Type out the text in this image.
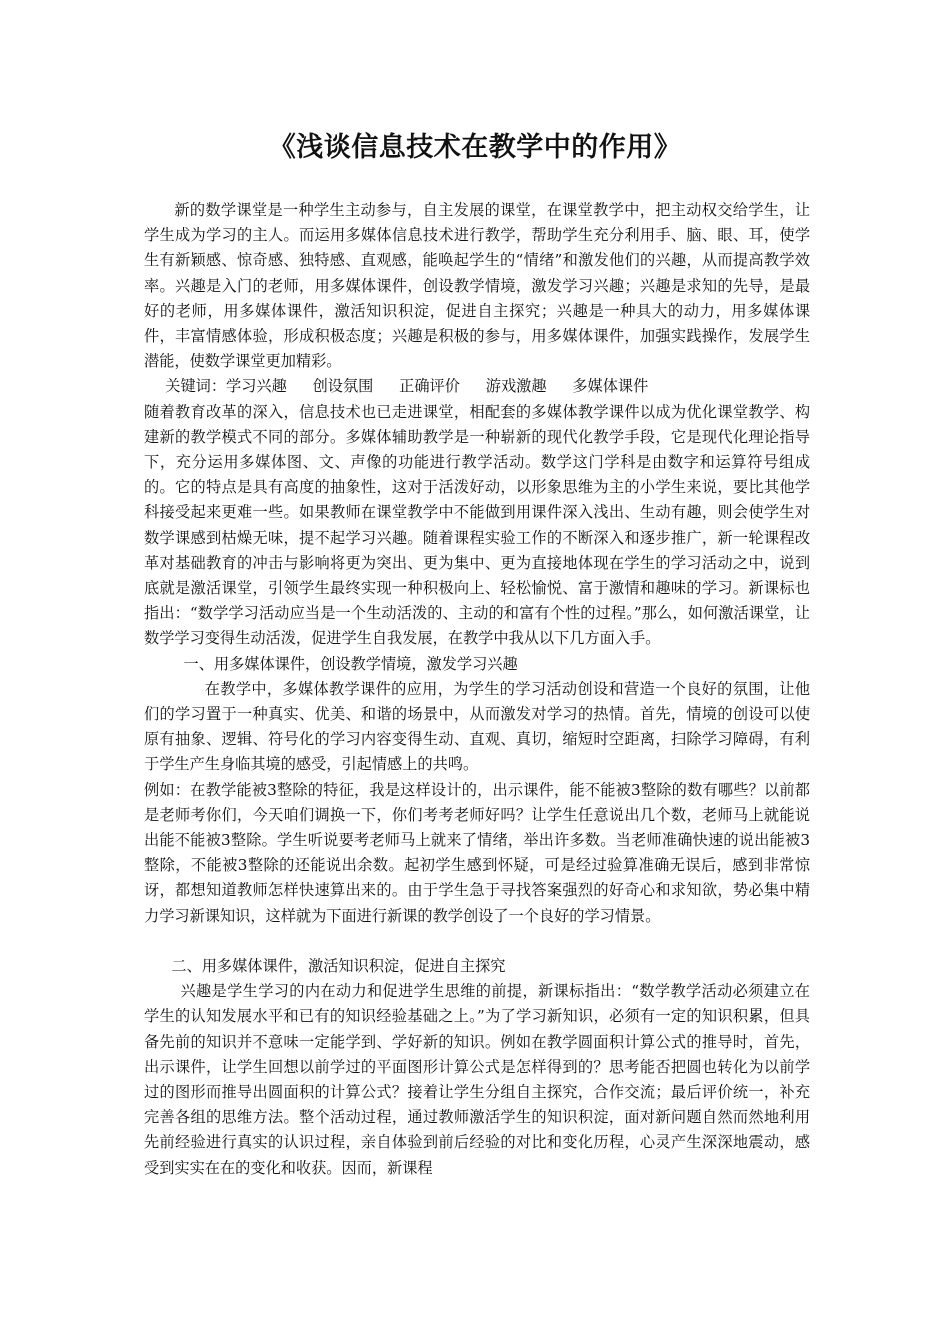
《浅谈信息技术在教学中的作用》

新的数学课堂是一种学生主动参与，自主发展的课堂，在课堂教学中，把主动权交给学生，让学生成为学习的主人。而运用多媒体信息技术进行教学，帮助学生充分利用手、脑、眼、耳，使学生有新颖感、惊奇感、独特感、直观感，能唤起学生的“情绪”和激发他们的兴趣，从而提高教学效率。兴趣是入门的老师，用多媒体课件，创设教学情境，激发学习兴趣；兴趣是求知的先导，是最好的老师，用多媒体课件，激活知识积淀，促进自主探究；兴趣是一种具大的动力，用多媒体课件，丰富情感体验，形成积极态度；兴趣是积极的参与，用多媒体课件，加强实践操作，发展学生潜能，使数学课堂更加精彩。

关键词：学习兴趣 创设氛围 正确评价 游戏激趣 多媒体课件

随着教育改革的深入，信息技术也已走进课堂，相配套的多媒体教学课件以成为优化课堂教学、构建新的教学模式不同的部分。多媒体辅助教学是一种崭新的现代化教学手段，它是现代化理论指导下，充分运用多媒体图、文、声像的功能进行教学活动。数学这门学科是由数字和运算符号组成的。它的特点是具有高度的抽象性，这对于活泼好动，以形象思维为主的小学生来说，要比其他学科接受起来更难一些。如果教师在课堂教学中不能做到用课件深入浅出、生动有趣，则会使学生对数学课感到枯燥无味，提不起学习兴趣。随着课程实验工作的不断深入和逐步推广，新一轮课程改革对基础教育的冲击与影响将更为突出、更为集中、更为直接地体现在学生的学习活动之中，说到底就是激活课堂，引领学生最终实现一种积极向上、轻松愉悦、富于激情和趣味的学习。新课标也指出：“数学学习活动应当是一个生动活泼的、主动的和富有个性的过程。”那么，如何激活课堂，让数学学习变得生动活泼，促进学生自我发展，在教学中我从以下几方面入手。

一、用多媒体课件，创设教学情境，激发学习兴趣

在教学中，多媒体教学课件的应用，为学生的学习活动创设和营造一个良好的氛围，让他们的学习置于一种真实、优美、和谐的场景中，从而激发对学习的热情。首先，情境的创设可以使原有抽象、逻辑、符号化的学习内容变得生动、直观、真切，缩短时空距离，扫除学习障碍，有利于学生产生身临其境的感受，引起情感上的共鸣。

例如：在教学能被3整除的特征，我是这样设计的，出示课件，能不能被3整除的数有哪些？以前都是老师考你们，今天咱们调换一下，你们考考老师好吗？让学生任意说出几个数，老师马上就能说出能不能被3整除。学生听说要考老师马上就来了情绪，举出许多数。当老师准确快速的说出能被3整除，不能被3整除的还能说出余数。起初学生感到怀疑，可是经过验算准确无误后，感到非常惊讶，都想知道教师怎样快速算出来的。由于学生急于寻找答案强烈的好奇心和求知欲，势必集中精力学习新课知识，这样就为下面进行新课的教学创设了一个良好的学习情景。

二、用多媒体课件，激活知识积淀，促进自主探究

兴趣是学生学习的内在动力和促进学生思维的前提，新课标指出：“数学教学活动必须建立在学生的认知发展水平和已有的知识经验基础之上。”为了学习新知识，必须有一定的知识积累，但具备先前的知识并不意味一定能学到、学好新的知识。例如在教学圆面积计算公式的推导时，首先，出示课件，让学生回想以前学过的平面图形计算公式是怎样得到的？思考能否把圆也转化为以前学过的图形而推导出圆面积的计算公式？接着让学生分组自主探究，合作交流；最后评价统一，补充完善各组的思维方法。整个活动过程，通过教师激活学生的知识积淀，面对新问题自然而然地利用先前经验进行真实的认识过程，亲自体验到前后经验的对比和变化历程，心灵产生深深地震动，感受到实实在在的变化和收获。因而，新课程
